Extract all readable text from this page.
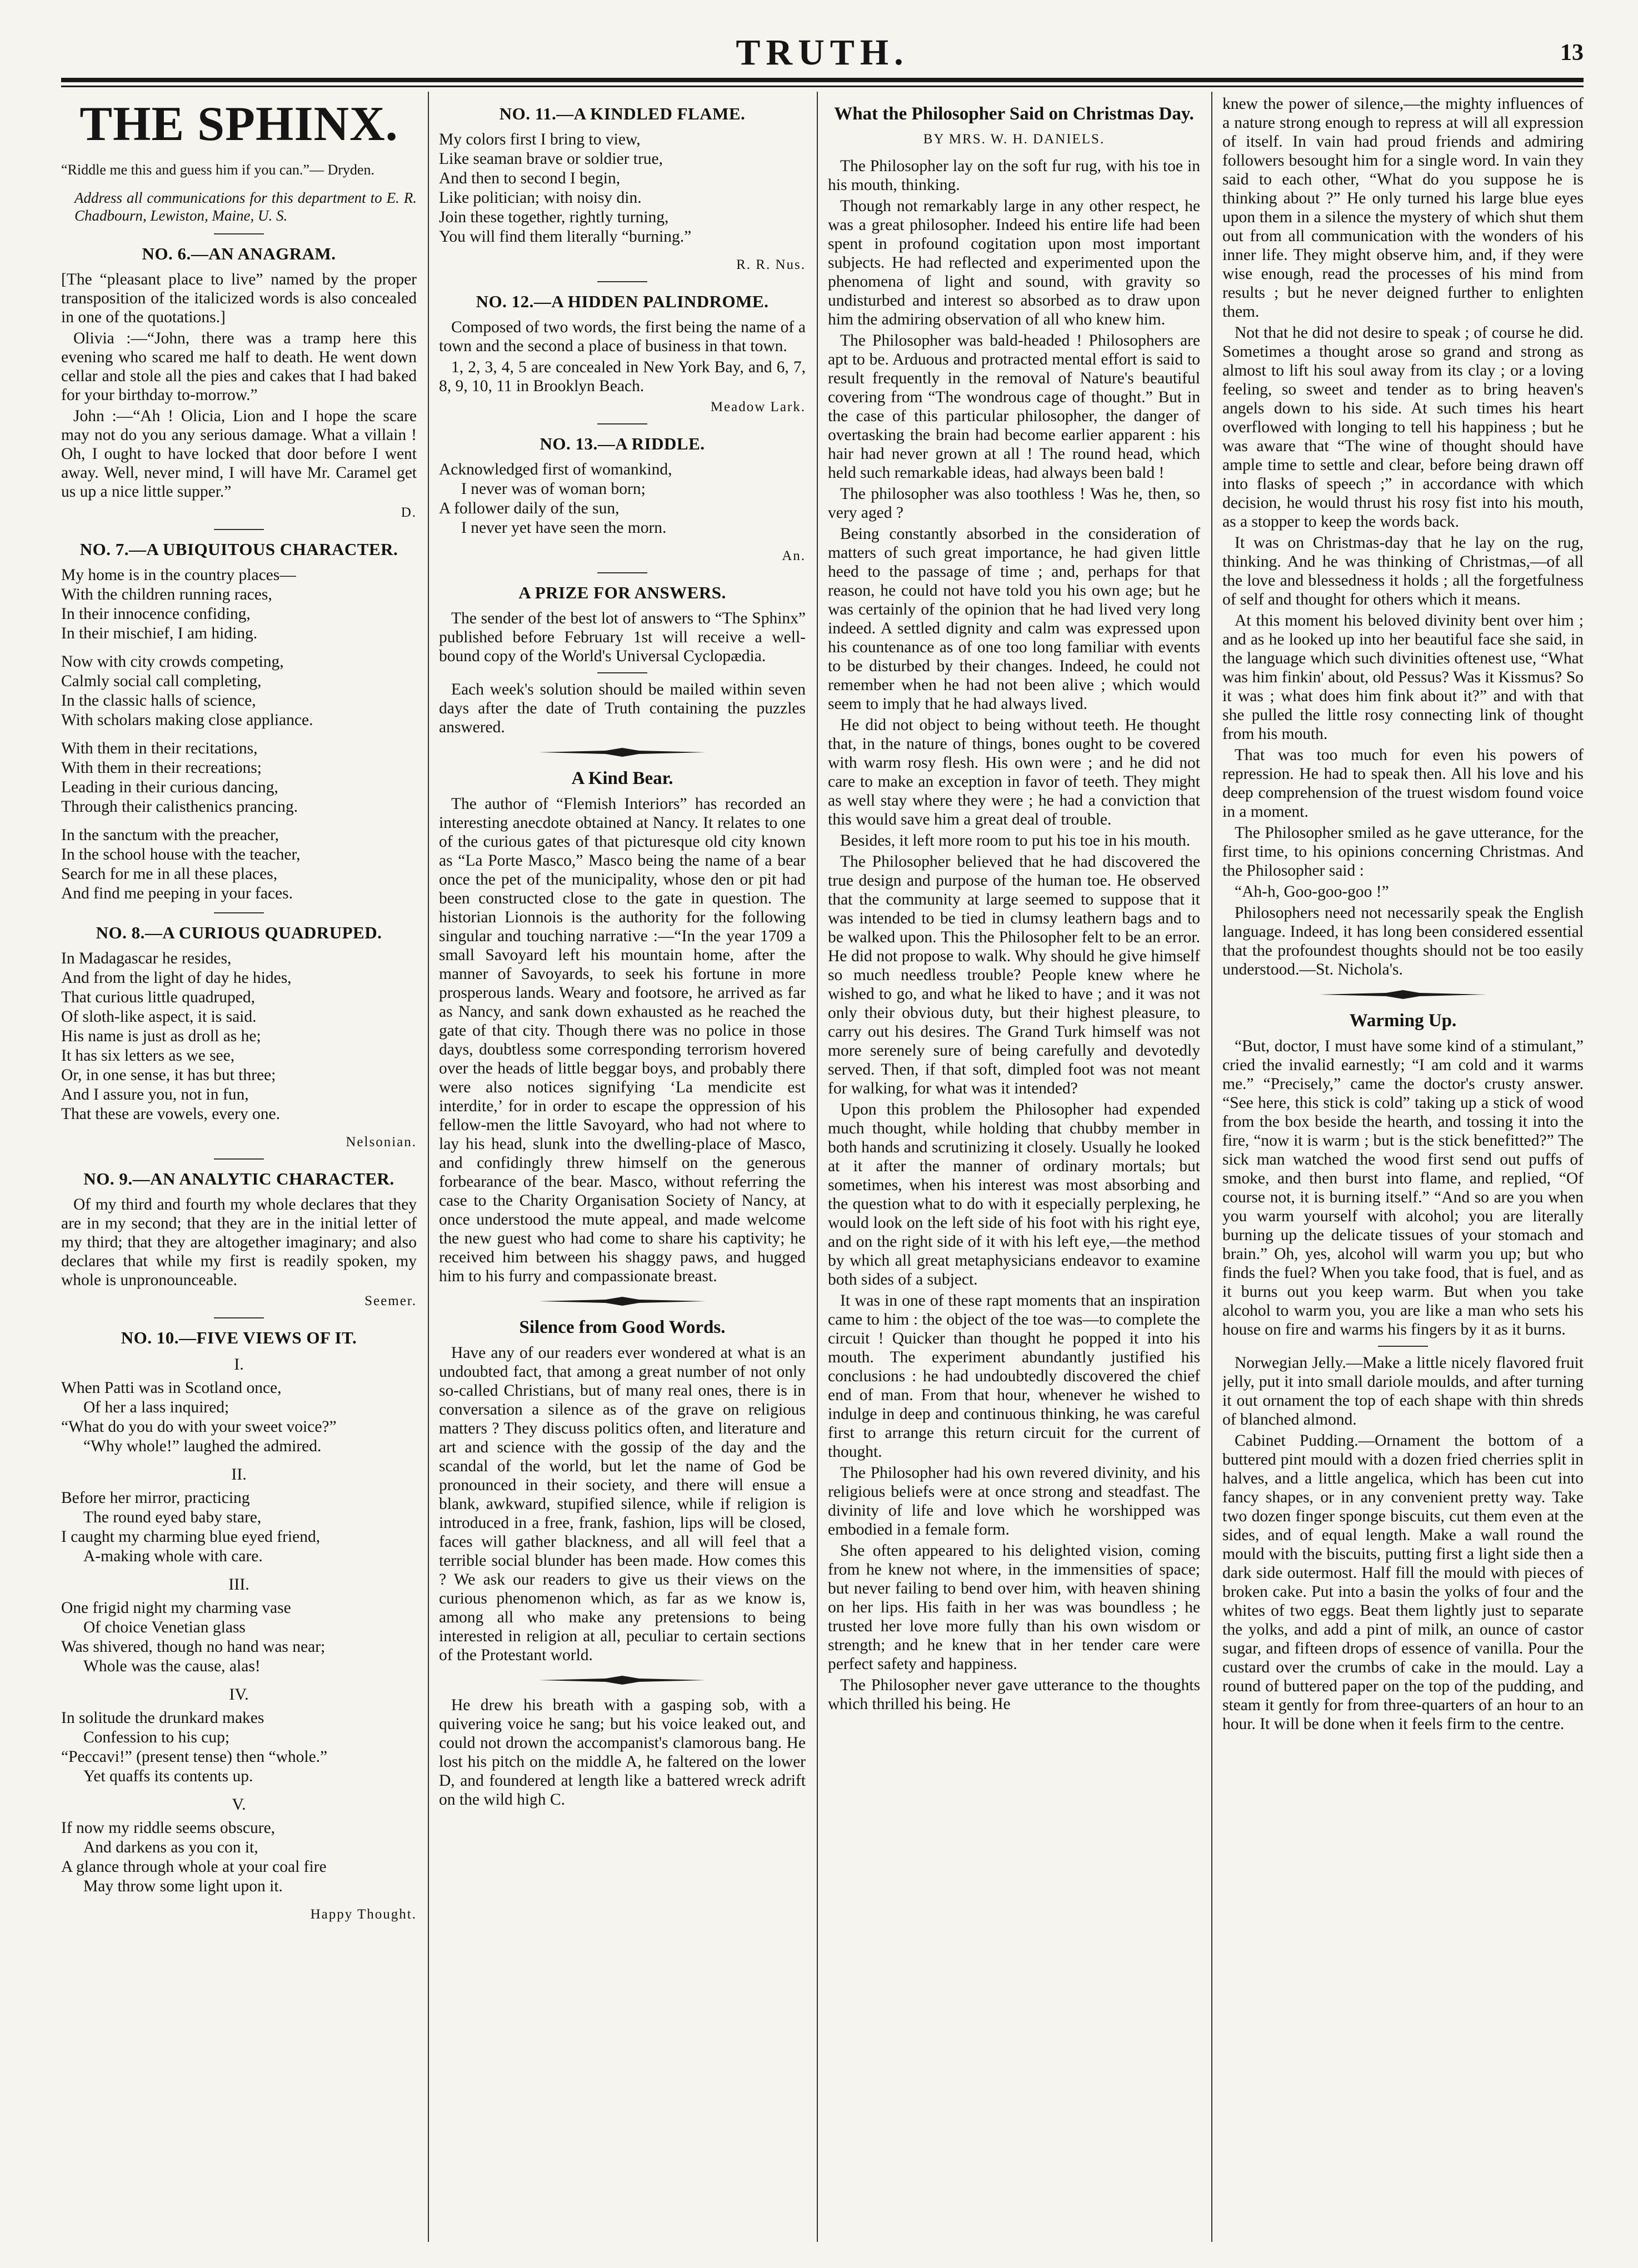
TRUTH.	13
THE SPHINX.
“Riddle me this and guess him if you can.”— Dryden.
Address all communications for this department to E. R. Chadbourn, Lewiston, Maine, U. S.
NO. 6.—AN ANAGRAM.

[The “pleasant place to live” named by the proper transposition of the italicized words is also concealed in one of the quotations.]

Olivia :—“John, there was a tramp here this evening who scared me half to death. He went down cellar and stole all the pies and cakes that I had baked for your birthday to-morrow.”

John :—“Ah ! Olicia, Lion and I hope the scare may not do you any serious damage. What a villain ! Oh, I ought to have locked that door before I went away. Well, never mind, I will have Mr. Caramel get us up a nice little supper.”

D.
NO. 7.—A UBIQUITOUS CHARACTER.
My home is in the country places—
With the children running races,
In their innocence confiding,
In their mischief, I am hiding.
Now with city crowds competing,
Calmly social call completing,
In the classic halls of science,
With scholars making close appliance.
With them in their recitations,
With them in their recreations;
Leading in their curious dancing,
Through their calisthenics prancing.
In the sanctum with the preacher,
In the school house with the teacher,
Search for me in all these places,
And find me peeping in your faces.
NO. 8.—A CURIOUS QUADRUPED.
In Madagascar he resides,
And from the light of day he hides,
That curious little quadruped,
Of sloth-like aspect, it is said.
His name is just as droll as he;
It has six letters as we see,
Or, in one sense, it has but three;
And I assure you, not in fun,
That these are vowels, every one.
Nelsonian.
NO. 9.—AN ANALYTIC CHARACTER.

Of my third and fourth my whole declares that they are in my second; that they are in the initial letter of my third; that they are altogether imaginary; and also declares that while my first is readily spoken, my whole is unpronounceable.

Seemer.
NO. 10.—FIVE VIEWS OF IT.
I.
When Patti was in Scotland once,
Of her a lass inquired;
“What do you do with your sweet voice?”
“Why whole!” laughed the admired.
II.
Before her mirror, practicing
The round eyed baby stare,
I caught my charming blue eyed friend,
A-making whole with care.
III.
One frigid night my charming vase
Of choice Venetian glass
Was shivered, though no hand was near;
Whole was the cause, alas!
IV.
In solitude the drunkard makes
Confession to his cup;
“Peccavi!” (present tense) then “whole.”
Yet quaffs its contents up.
V.
If now my riddle seems obscure,
And darkens as you con it,
A glance through whole at your coal fire
May throw some light upon it.
Happy Thought.
NO. 11.—A KINDLED FLAME.
My colors first I bring to view,
Like seaman brave or soldier true,
And then to second I begin,
Like politician; with noisy din.
Join these together, rightly turning,
You will find them literally “burning.”
R. R. Nus.
NO. 12.—A HIDDEN PALINDROME.

Composed of two words, the first being the name of a town and the second a place of business in that town.

1, 2, 3, 4, 5 are concealed in New York Bay, and 6, 7, 8, 9, 10, 11 in Brooklyn Beach.

Meadow Lark.
NO. 13.—A RIDDLE.
Acknowledged first of womankind,
I never was of woman born;
A follower daily of the sun,
I never yet have seen the morn.
An.
A PRIZE FOR ANSWERS.

The sender of the best lot of answers to “The Sphinx” published before February 1st will receive a well-bound copy of the World's Universal Cyclopædia.

Each week's solution should be mailed within seven days after the date of Truth containing the puzzles answered.

A Kind Bear.

The author of “Flemish Interiors” has recorded an interesting anecdote obtained at Nancy. It relates to one of the curious gates of that picturesque old city known as “La Porte Masco,” Masco being the name of a bear once the pet of the municipality, whose den or pit had been constructed close to the gate in question. The historian Lionnois is the authority for the following singular and touching narrative :—“In the year 1709 a small Savoyard left his mountain home, after the manner of Savoyards, to seek his fortune in more prosperous lands. Weary and footsore, he arrived as far as Nancy, and sank down exhausted as he reached the gate of that city. Though there was no police in those days, doubtless some corresponding terrorism hovered over the heads of little beggar boys, and probably there were also notices signifying ‘La mendicite est interdite,’ for in order to escape the oppression of his fellow-men the little Savoyard, who had not where to lay his head, slunk into the dwelling-place of Masco, and confidingly threw himself on the generous forbearance of the bear. Masco, without referring the case to the Charity Organisation Society of Nancy, at once understood the mute appeal, and made welcome the new guest who had come to share his captivity; he received him between his shaggy paws, and hugged him to his furry and compassionate breast.

Silence from Good Words.

Have any of our readers ever wondered at what is an undoubted fact, that among a great number of not only so-called Christians, but of many real ones, there is in conversation a silence as of the grave on religious matters ? They discuss politics often, and literature and art and science with the gossip of the day and the scandal of the world, but let the name of God be pronounced in their society, and there will ensue a blank, awkward, stupified silence, while if religion is introduced in a free, frank, fashion, lips will be closed, faces will gather blackness, and all will feel that a terrible social blunder has been made. How comes this ? We ask our readers to give us their views on the curious phenomenon which, as far as we know is, among all who make any pretensions to being interested in religion at all, peculiar to certain sections of the Protestant world.

He drew his breath with a gasping sob, with a quivering voice he sang; but his voice leaked out, and could not drown the accompanist's clamorous bang. He lost his pitch on the middle A, he faltered on the lower D, and foundered at length like a battered wreck adrift on the wild high C.

What the Philosopher Said on Christmas Day.
BY MRS. W. H. DANIELS.

The Philosopher lay on the soft fur rug, with his toe in his mouth, thinking.

Though not remarkably large in any other respect, he was a great philosopher. Indeed his entire life had been spent in profound cogitation upon most important subjects. He had reflected and experimented upon the phenomena of light and sound, with gravity so undisturbed and interest so absorbed as to draw upon him the admiring observation of all who knew him.

The Philosopher was bald-headed ! Philosophers are apt to be. Arduous and protracted mental effort is said to result frequently in the removal of Nature's beautiful covering from “The wondrous cage of thought.” But in the case of this particular philosopher, the danger of overtasking the brain had become earlier apparent : his hair had never grown at all ! The round head, which held such remarkable ideas, had always been bald !

The philosopher was also toothless ! Was he, then, so very aged ?

Being constantly absorbed in the consideration of matters of such great importance, he had given little heed to the passage of time ; and, perhaps for that reason, he could not have told you his own age; but he was certainly of the opinion that he had lived very long indeed. A settled dignity and calm was expressed upon his countenance as of one too long familiar with events to be disturbed by their changes. Indeed, he could not remember when he had not been alive ; which would seem to imply that he had always lived.

He did not object to being without teeth. He thought that, in the nature of things, bones ought to be covered with warm rosy flesh. His own were ; and he did not care to make an exception in favor of teeth. They might as well stay where they were ; he had a conviction that this would save him a great deal of trouble.

Besides, it left more room to put his toe in his mouth.

The Philosopher believed that he had discovered the true design and purpose of the human toe. He observed that the community at large seemed to suppose that it was intended to be tied in clumsy leathern bags and to be walked upon. This the Philosopher felt to be an error. He did not propose to walk. Why should he give himself so much needless trouble? People knew where he wished to go, and what he liked to have ; and it was not only their obvious duty, but their highest pleasure, to carry out his desires. The Grand Turk himself was not more serenely sure of being carefully and devotedly served. Then, if that soft, dimpled foot was not meant for walking, for what was it intended?

Upon this problem the Philosopher had expended much thought, while holding that chubby member in both hands and scrutinizing it closely. Usually he looked at it after the manner of ordinary mortals; but sometimes, when his interest was most absorbing and the question what to do with it especially perplexing, he would look on the left side of his foot with his right eye, and on the right side of it with his left eye,—the method by which all great metaphysicians endeavor to examine both sides of a subject.

It was in one of these rapt moments that an inspiration came to him : the object of the toe was—to complete the circuit ! Quicker than thought he popped it into his mouth. The experiment abundantly justified his conclusions : he had undoubtedly discovered the chief end of man. From that hour, whenever he wished to indulge in deep and continuous thinking, he was careful first to arrange this return circuit for the current of thought.

The Philosopher had his own revered divinity, and his religious beliefs were at once strong and steadfast. The divinity of life and love which he worshipped was embodied in a female form.

She often appeared to his delighted vision, coming from he knew not where, in the immensities of space; but never failing to bend over him, with heaven shining on her lips. His faith in her was was boundless ; he trusted her love more fully than his own wisdom or strength; and he knew that in her tender care were perfect safety and happiness.

The Philosopher never gave utterance to the thoughts which thrilled his being. He

knew the power of silence,—the mighty influences of a nature strong enough to repress at will all expression of itself. In vain had proud friends and admiring followers besought him for a single word. In vain they said to each other, “What do you suppose he is thinking about ?” He only turned his large blue eyes upon them in a silence the mystery of which shut them out from all communication with the wonders of his inner life. They might observe him, and, if they were wise enough, read the processes of his mind from results ; but he never deigned further to enlighten them.

Not that he did not desire to speak ; of course he did. Sometimes a thought arose so grand and strong as almost to lift his soul away from its clay ; or a loving feeling, so sweet and tender as to bring heaven's angels down to his side. At such times his heart overflowed with longing to tell his happiness ; but he was aware that “The wine of thought should have ample time to settle and clear, before being drawn off into flasks of speech ;” in accordance with which decision, he would thrust his rosy fist into his mouth, as a stopper to keep the words back.

It was on Christmas-day that he lay on the rug, thinking. And he was thinking of Christmas,—of all the love and blessedness it holds ; all the forgetfulness of self and thought for others which it means.

At this moment his beloved divinity bent over him ; and as he looked up into her beautiful face she said, in the language which such divinities oftenest use, “What was him finkin' about, old Pessus? Was it Kissmus? So it was ; what does him fink about it?” and with that she pulled the little rosy connecting link of thought from his mouth.

That was too much for even his powers of repression. He had to speak then. All his love and his deep comprehension of the truest wisdom found voice in a moment.

The Philosopher smiled as he gave utterance, for the first time, to his opinions concerning Christmas. And the Philosopher said :

“Ah-h, Goo-goo-goo !”

Philosophers need not necessarily speak the English language. Indeed, it has long been considered essential that the profoundest thoughts should not be too easily understood.—St. Nichola's.

Warming Up.

“But, doctor, I must have some kind of a stimulant,” cried the invalid earnestly; “I am cold and it warms me.” “Precisely,” came the doctor's crusty answer. “See here, this stick is cold” taking up a stick of wood from the box beside the hearth, and tossing it into the fire, “now it is warm ; but is the stick benefitted?” The sick man watched the wood first send out puffs of smoke, and then burst into flame, and replied, “Of course not, it is burning itself.” “And so are you when you warm yourself with alcohol; you are literally burning up the delicate tissues of your stomach and brain.” Oh, yes, alcohol will warm you up; but who finds the fuel? When you take food, that is fuel, and as it burns out you keep warm. But when you take alcohol to warm you, you are like a man who sets his house on fire and warms his fingers by it as it burns.

Norwegian Jelly.—Make a little nicely flavored fruit jelly, put it into small dariole moulds, and after turning it out ornament the top of each shape with thin shreds of blanched almond.

Cabinet Pudding.—Ornament the bottom of a buttered pint mould with a dozen fried cherries split in halves, and a little angelica, which has been cut into fancy shapes, or in any convenient pretty way. Take two dozen finger sponge biscuits, cut them even at the sides, and of equal length. Make a wall round the mould with the biscuits, putting first a light side then a dark side outermost. Half fill the mould with pieces of broken cake. Put into a basin the yolks of four and the whites of two eggs. Beat them lightly just to separate the yolks, and add a pint of milk, an ounce of castor sugar, and fifteen drops of essence of vanilla. Pour the custard over the crumbs of cake in the mould. Lay a round of buttered paper on the top of the pudding, and steam it gently for from three-quarters of an hour to an hour. It will be done when it feels firm to the centre.
